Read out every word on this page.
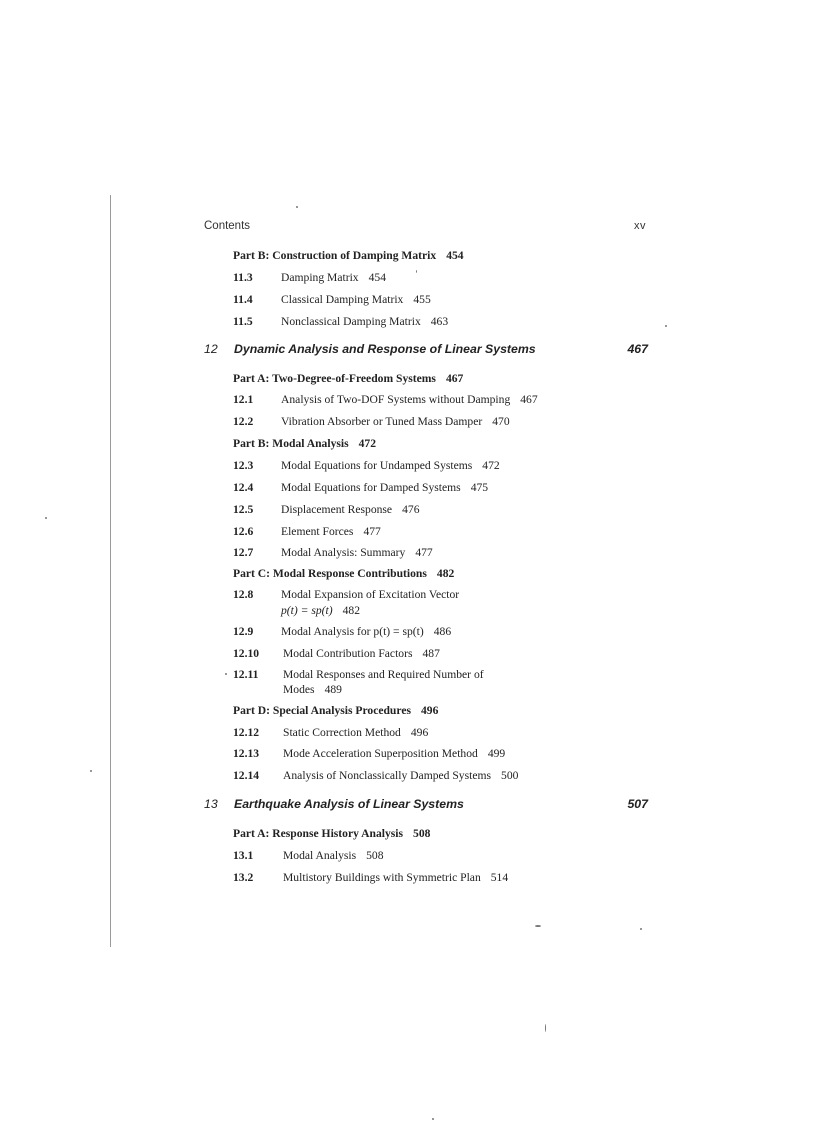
Contents	xv
Part B: Construction of Damping Matrix 454
11.3 Damping Matrix 454
11.4 Classical Damping Matrix 455
11.5 Nonclassical Damping Matrix 463
12	Dynamic Analysis and Response of Linear Systems	467
Part A: Two-Degree-of-Freedom Systems 467
12.1 Analysis of Two-DOF Systems without Damping 467
12.2 Vibration Absorber or Tuned Mass Damper 470
Part B: Modal Analysis 472
12.3 Modal Equations for Undamped Systems 472
12.4 Modal Equations for Damped Systems 475
12.5 Displacement Response 476
12.6 Element Forces 477
12.7 Modal Analysis: Summary 477
Part C: Modal Response Contributions 482
12.8 Modal Expansion of Excitation Vector
p(t) = sp(t) 482
12.9 Modal Analysis for p(t) = sp(t) 486
12.10 Modal Contribution Factors 487
12.11 Modal Responses and Required Number of
Modes 489
Part D: Special Analysis Procedures 496
12.12 Static Correction Method 496
12.13 Mode Acceleration Superposition Method 499
12.14 Analysis of Nonclassically Damped Systems 500
13	Earthquake Analysis of Linear Systems	507
Part A: Response History Analysis 508
13.1	Modal Analysis 508
13.2	Multistory Buildings with Symmetric Plan 514
